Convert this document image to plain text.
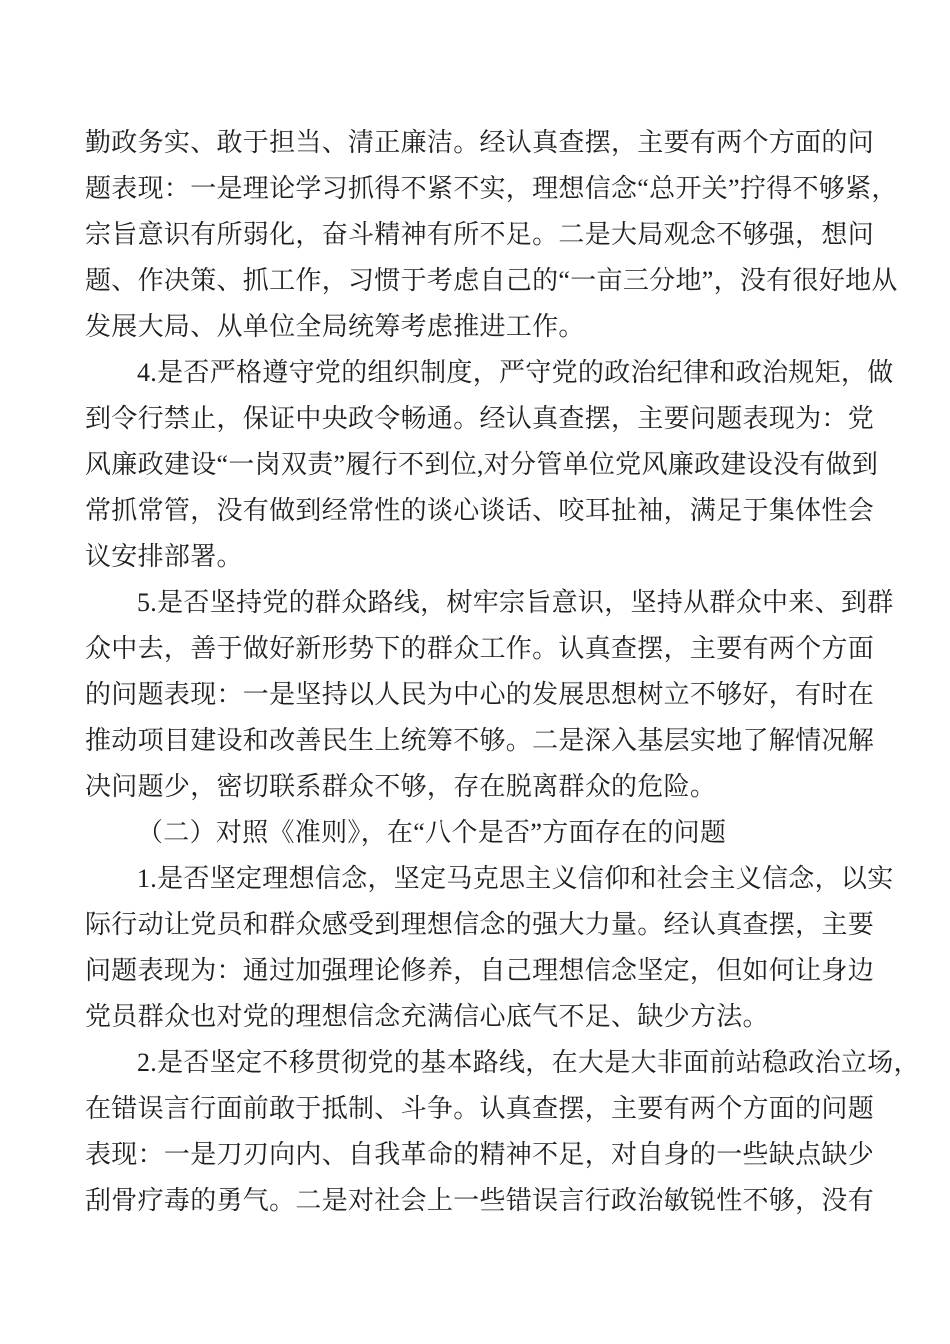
勤政务实、敢于担当、清正廉洁。经认真查摆，主要有两个方面的问
题表现：一是理论学习抓得不紧不实，理想信念“总开关”拧得不够紧，
宗旨意识有所弱化，奋斗精神有所不足。二是大局观念不够强，想问
题、作决策、抓工作，习惯于考虑自己的“一亩三分地”，没有很好地从
发展大局、从单位全局统筹考虑推进工作。
4.是否严格遵守党的组织制度，严守党的政治纪律和政治规矩，做
到令行禁止，保证中央政令畅通。经认真查摆，主要问题表现为：党
风廉政建设“一岗双责”履行不到位,对分管单位党风廉政建设没有做到
常抓常管，没有做到经常性的谈心谈话、咬耳扯袖，满足于集体性会
议安排部署。
5.是否坚持党的群众路线，树牢宗旨意识，坚持从群众中来、到群
众中去，善于做好新形势下的群众工作。认真查摆，主要有两个方面
的问题表现：一是坚持以人民为中心的发展思想树立不够好，有时在
推动项目建设和改善民生上统筹不够。二是深入基层实地了解情况解
决问题少，密切联系群众不够，存在脱离群众的危险。
（二）对照《准则》，在“八个是否”方面存在的问题
1.是否坚定理想信念，坚定马克思主义信仰和社会主义信念，以实
际行动让党员和群众感受到理想信念的强大力量。经认真查摆，主要
问题表现为：通过加强理论修养，自己理想信念坚定，但如何让身边
党员群众也对党的理想信念充满信心底气不足、缺少方法。
2.是否坚定不移贯彻党的基本路线，在大是大非面前站稳政治立场，
在错误言行面前敢于抵制、斗争。认真查摆，主要有两个方面的问题
表现：一是刀刃向内、自我革命的精神不足，对自身的一些缺点缺少
刮骨疗毒的勇气。二是对社会上一些错误言行政治敏锐性不够，没有
